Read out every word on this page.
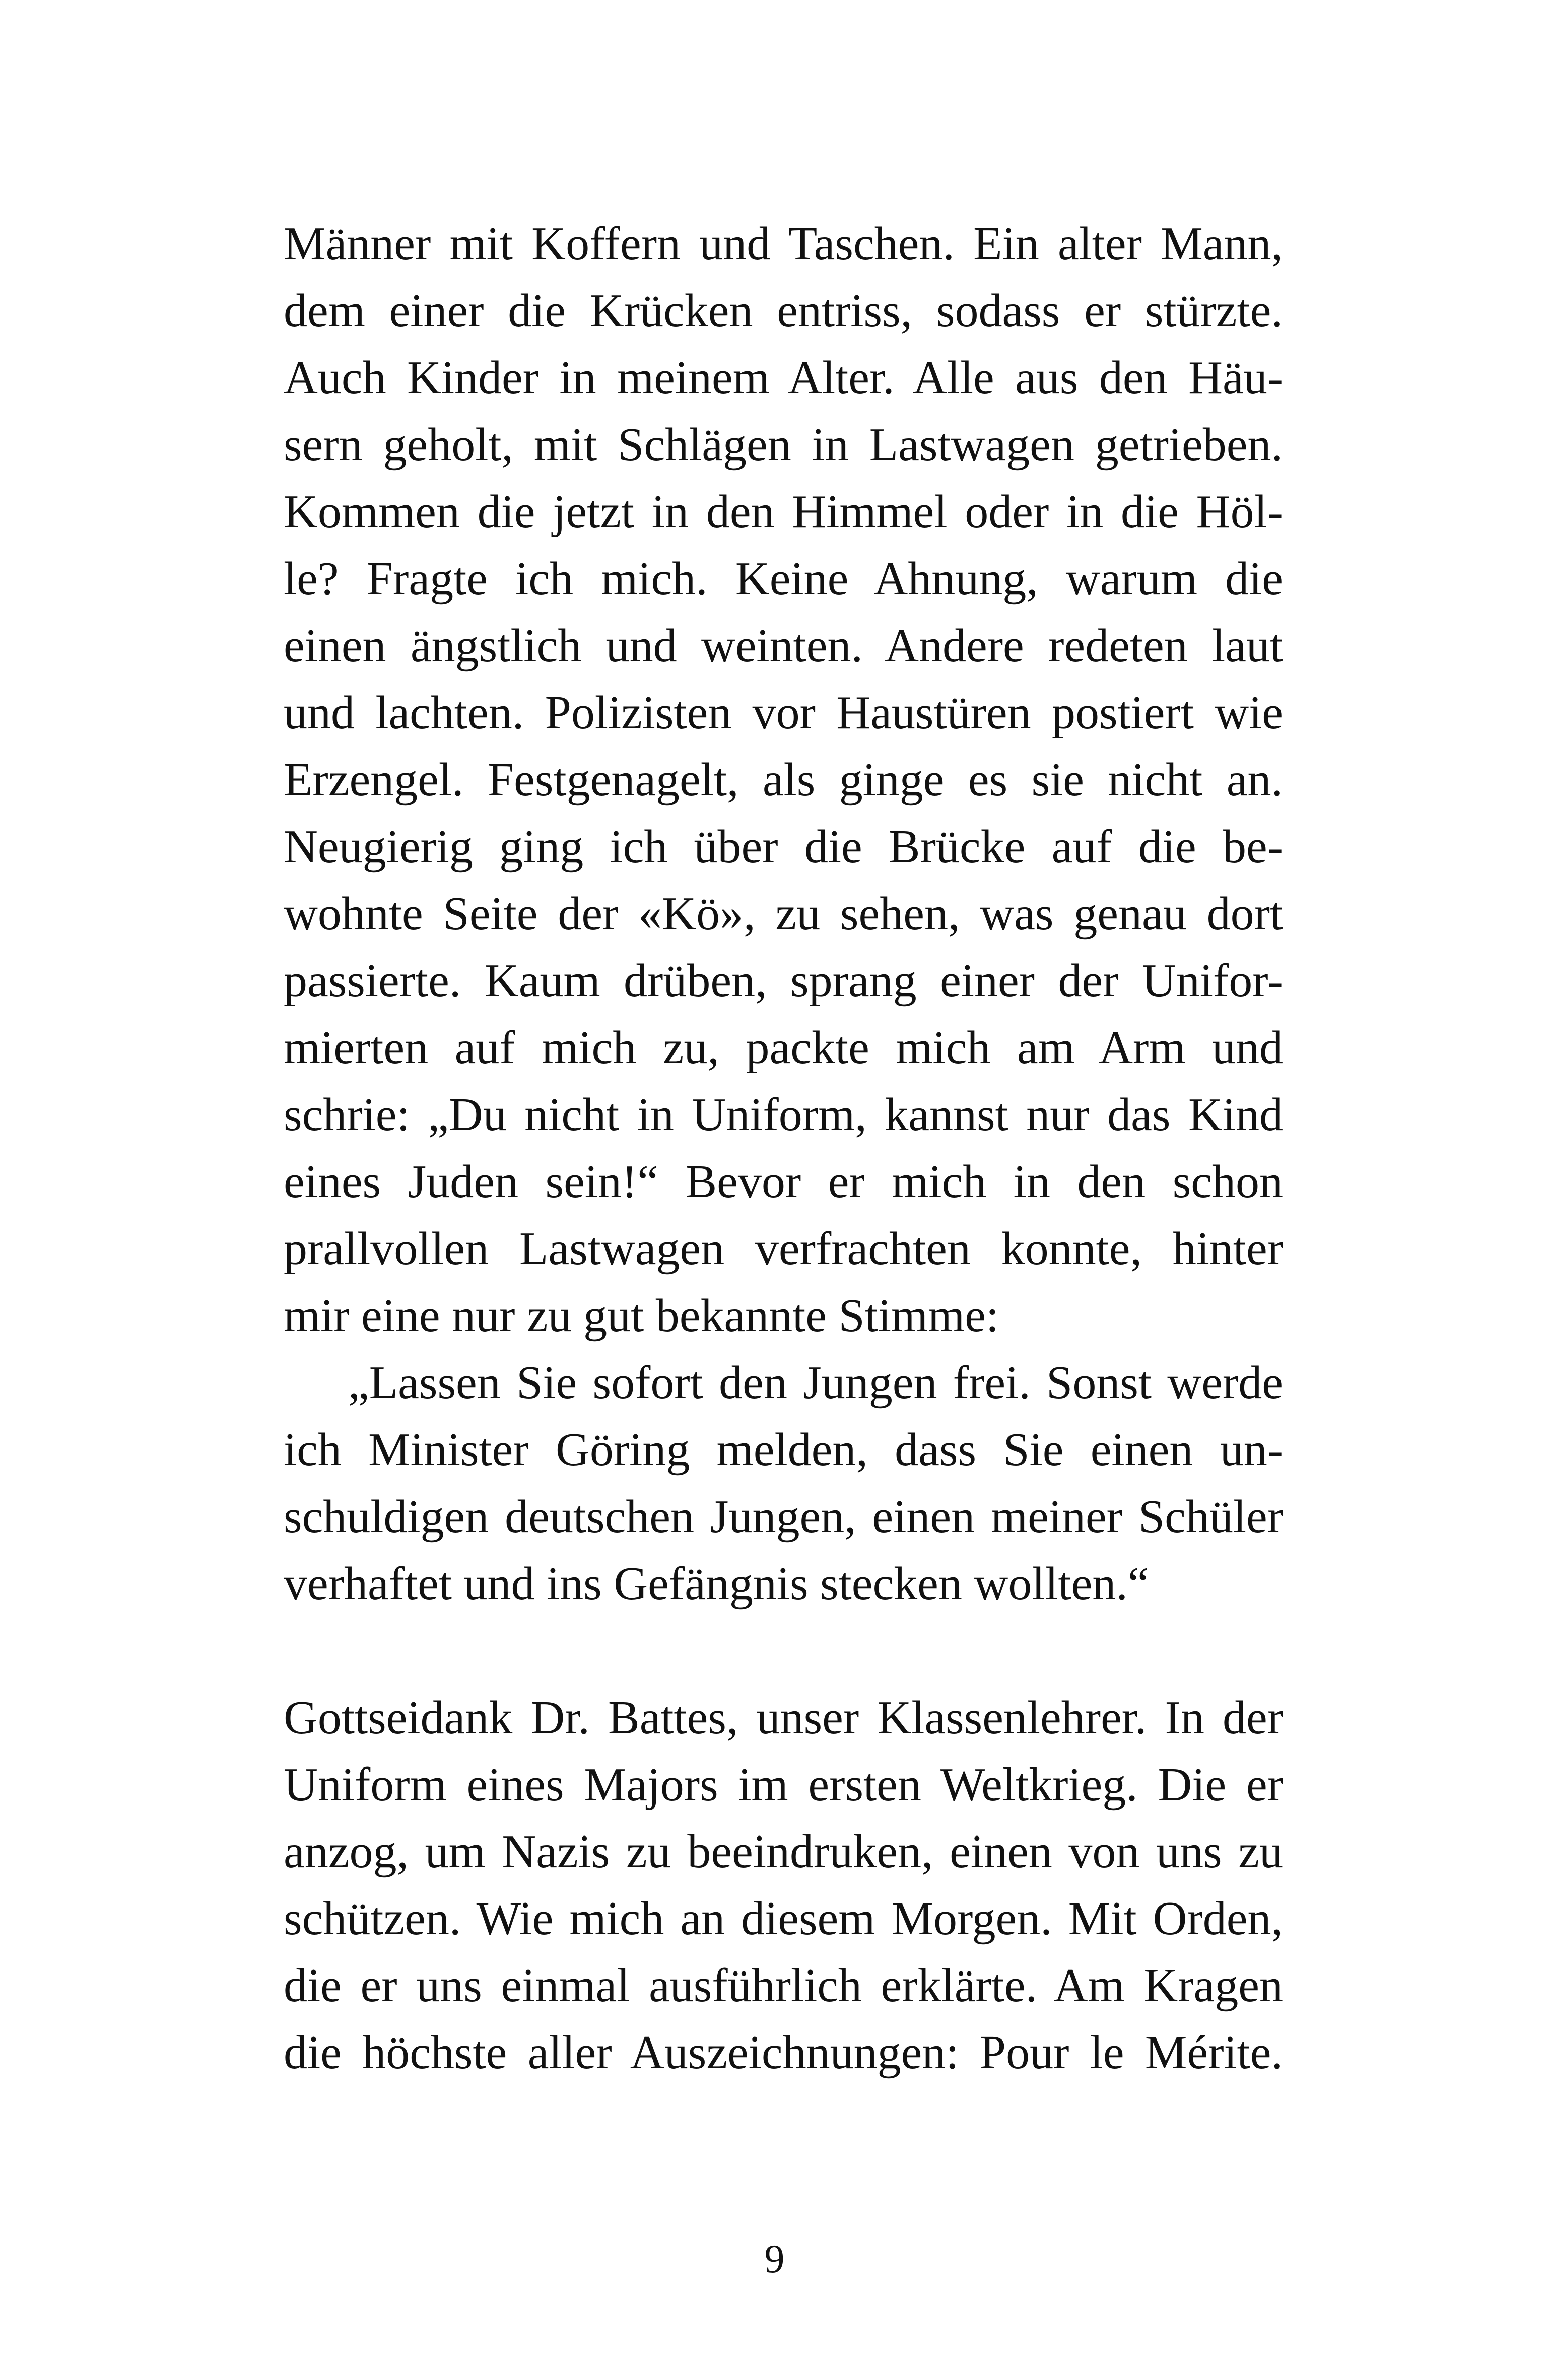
Männer mit Koffern und Taschen. Ein alter Mann,
dem einer die Krücken entriss, sodass er stürzte.
Auch Kinder in meinem Alter. Alle aus den Häu-
sern geholt, mit Schlägen in Lastwagen getrieben.
Kommen die jetzt in den Himmel oder in die Höl-
le? Fragte ich mich. Keine Ahnung, warum die
einen ängstlich und weinten. Andere redeten laut
und lachten. Polizisten vor Haustüren postiert wie
Erzengel. Festgenagelt, als ginge es sie nicht an.
Neugierig ging ich über die Brücke auf die be-
wohnte Seite der «Kö», zu sehen, was genau dort
passierte. Kaum drüben, sprang einer der Unifor-
mierten auf mich zu, packte mich am Arm und
schrie: „Du nicht in Uniform, kannst nur das Kind
eines Juden sein!“ Bevor er mich in den schon
prallvollen Lastwagen verfrachten konnte, hinter
mir eine nur zu gut bekannte Stimme:
„Lassen Sie sofort den Jungen frei. Sonst werde
ich Minister Göring melden, dass Sie einen un-
schuldigen deutschen Jungen, einen meiner Schüler
verhaftet und ins Gefängnis stecken wollten.“
Gottseidank Dr. Battes, unser Klassenlehrer. In der
Uniform eines Majors im ersten Weltkrieg. Die er
anzog, um Nazis zu beeindruken, einen von uns zu
schützen. Wie mich an diesem Morgen. Mit Orden,
die er uns einmal ausführlich erklärte. Am Kragen
die höchste aller Auszeichnungen: Pour le Mérite.
9
